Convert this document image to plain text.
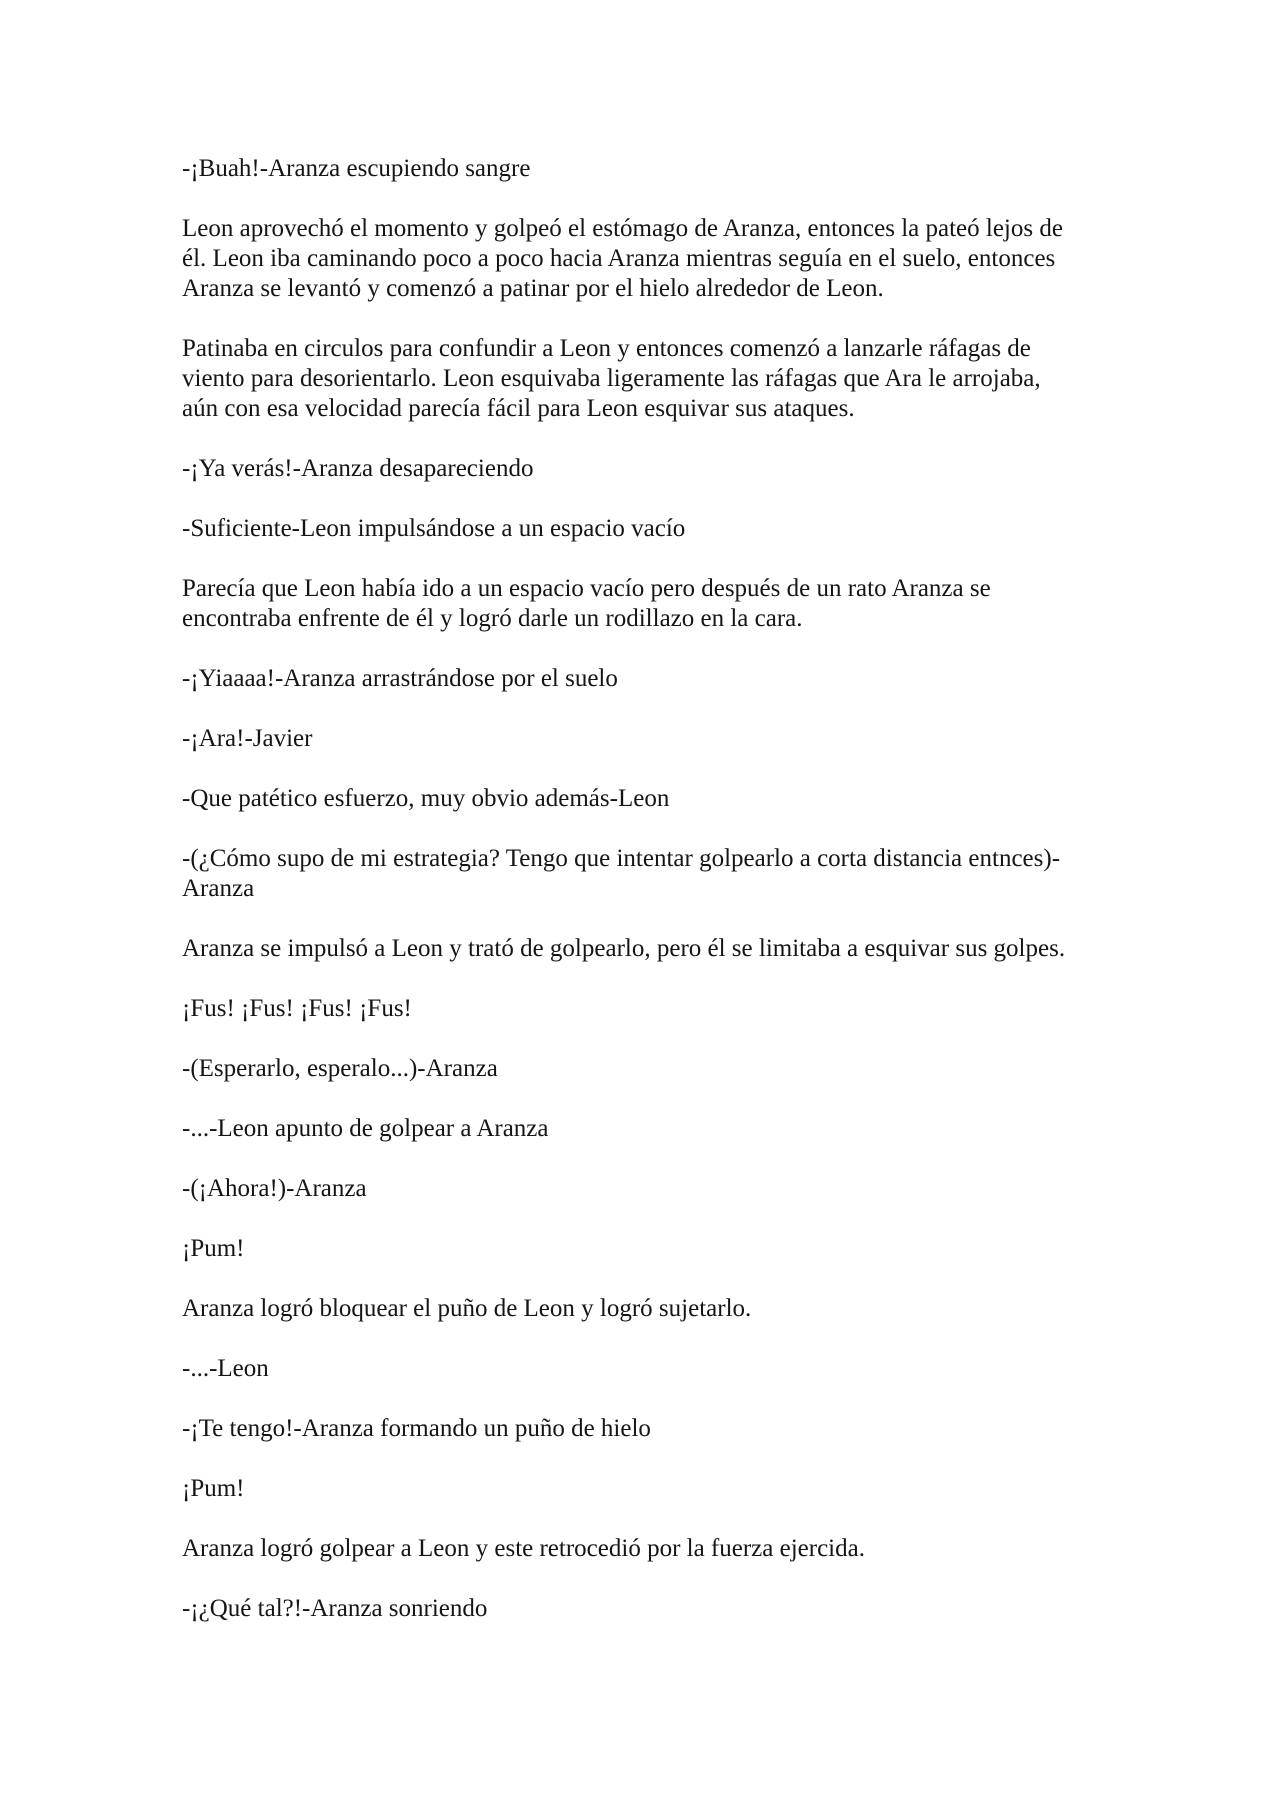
-¡Buah!-Aranza escupiendo sangre

Leon aprovechó el momento y golpeó el estómago de Aranza, entonces la pateó lejos de
él. Leon iba caminando poco a poco hacia Aranza mientras seguía en el suelo, entonces
Aranza se levantó y comenzó a patinar por el hielo alrededor de Leon.

Patinaba en circulos para confundir a Leon y entonces comenzó a lanzarle ráfagas de
viento para desorientarlo. Leon esquivaba ligeramente las ráfagas que Ara le arrojaba,
aún con esa velocidad parecía fácil para Leon esquivar sus ataques.

-¡Ya verás!-Aranza desapareciendo

-Suficiente-Leon impulsándose a un espacio vacío

Parecía que Leon había ido a un espacio vacío pero después de un rato Aranza se
encontraba enfrente de él y logró darle un rodillazo en la cara.

-¡Yiaaaa!-Aranza arrastrándose por el suelo

-¡Ara!-Javier

-Que patético esfuerzo, muy obvio además-Leon

-(¿Cómo supo de mi estrategia? Tengo que intentar golpearlo a corta distancia entnces)-
Aranza

Aranza se impulsó a Leon y trató de golpearlo, pero él se limitaba a esquivar sus golpes.

¡Fus! ¡Fus! ¡Fus! ¡Fus!

-(Esperarlo, esperalo...)-Aranza

-...-Leon apunto de golpear a Aranza

-(¡Ahora!)-Aranza

¡Pum!

Aranza logró bloquear el puño de Leon y logró sujetarlo.

-...-Leon

-¡Te tengo!-Aranza formando un puño de hielo

¡Pum!

Aranza logró golpear a Leon y este retrocedió por la fuerza ejercida.

-¡¿Qué tal?!-Aranza sonriendo
